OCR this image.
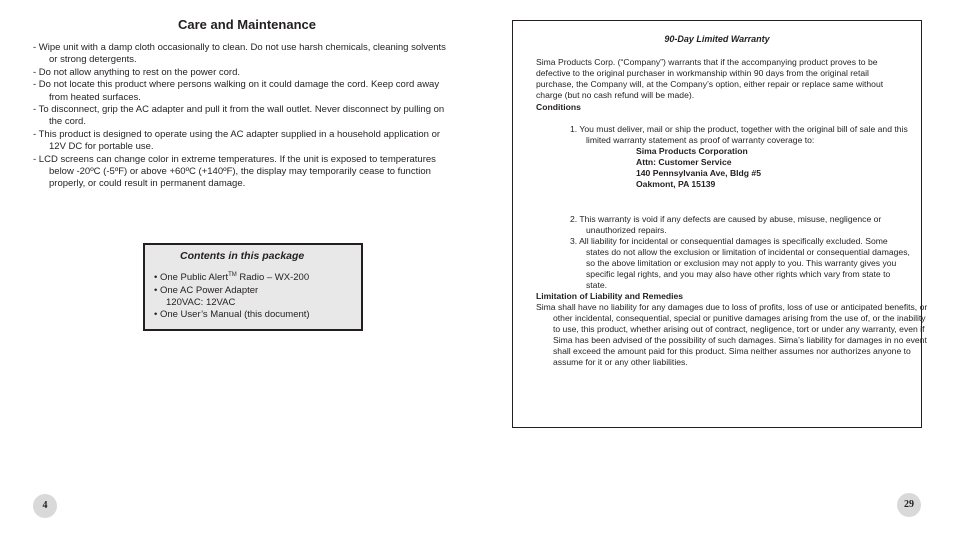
Care and Maintenance
- Wipe unit with a damp cloth occasionally to clean. Do not use harsh chemicals, cleaning solvents or strong detergents.
- Do not allow anything to rest on the power cord.
- Do not locate this product where persons walking on it could damage the cord. Keep cord away from heated surfaces.
- To disconnect, grip the AC adapter and pull it from the wall outlet. Never disconnect by pulling on the cord.
- This product is designed to operate using the AC adapter supplied in a household application or 12V DC for portable use.
- LCD screens can change color in extreme temperatures. If the unit is exposed to temperatures below -20ºC (-5ºF) or above +60ºC (+140ºF), the display may temporarily cease to function properly, or could result in permanent damage.
Contents in this package
• One Public Alert™ Radio – WX-200
• One AC Power Adapter
120VAC: 12VAC
• One User’s Manual (this document)

90-Day Limited Warranty

Sima Products Corp. (“Company”) warrants that if the accompanying product proves to be defective to the original purchaser in workmanship within 90 days from the original retail purchase, the Company will, at the Company’s option, either repair or replace same without charge (but no cash refund will be made).

Conditions

1. You must deliver, mail or ship the product, together with the original bill of sale and this limited warranty statement as proof of warranty coverage to:
Sima Products Corporation
Attn: Customer Service
140 Pennsylvania Ave, Bldg #5
Oakmont, PA 15139
2. This warranty is void if any defects are caused by abuse, misuse, negligence or unauthorized repairs.
3. All liability for incidental or consequential damages is specifically excluded. Some states do not allow the exclusion or limitation of incidental or consequential damages, so the above limitation or exclusion may not apply to you. This warranty gives you specific legal rights, and you may also have other rights which vary from state to state.

Limitation of Liability and Remedies

Sima shall have no liability for any damages due to loss of profits, loss of use or anticipated benefits, or other incidental, consequential, special or punitive damages arising from the use of, or the inability to use, this product, whether arising out of contract, negligence, tort or under any warranty, even if Sima has been advised of the possibility of such damages. Sima’s liability for damages in no event shall exceed the amount paid for this product. Sima neither assumes nor authorizes anyone to assume for it or any other liabilities.

4	29
